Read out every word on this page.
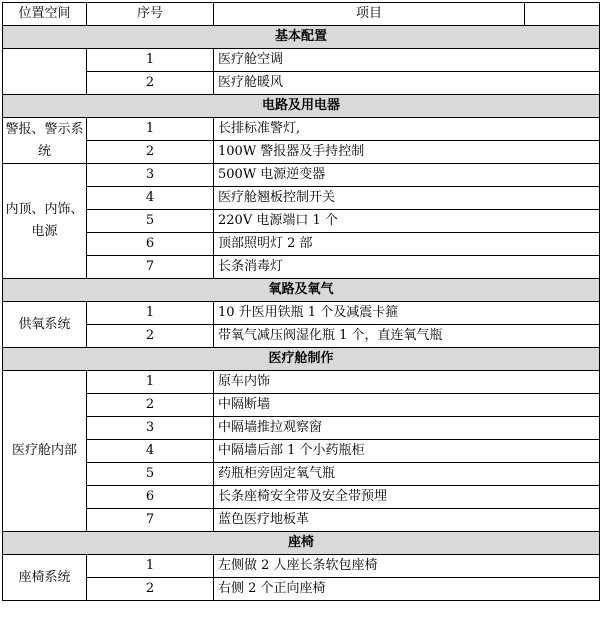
位置空间	序号	项目	
基本配置			
	1	医疗舱空调	
	2	医疗舱暖风	
电路及用电器			
警报、警示系统	1	长排标准警灯,	
	2	100W 警报器及手持控制	
内顶、内饰、电源	3	500W 电源逆变器	
	4	医疗舱翘板控制开关	
	5	220V 电源端口 1 个	
	6	顶部照明灯 2 部	
	7	长条消毒灯	
氧路及氧气			
供氧系统	1	10 升医用铁瓶 1 个及减震卡箍	
	2	带氧气减压阀湿化瓶 1 个，直连氧气瓶	
医疗舱制作			
医疗舱内部	1	原车内饰	
	2	中隔断墙	
	3	中隔墙推拉观察窗	
	4	中隔墙后部 1 个小药瓶柜	
	5	药瓶柜旁固定氧气瓶	
	6	长条座椅安全带及安全带预埋	
	7	蓝色医疗地板革	
座椅			
座椅系统	1	左侧做 2 人座长条软包座椅	
	2	右侧 2 个正向座椅	
